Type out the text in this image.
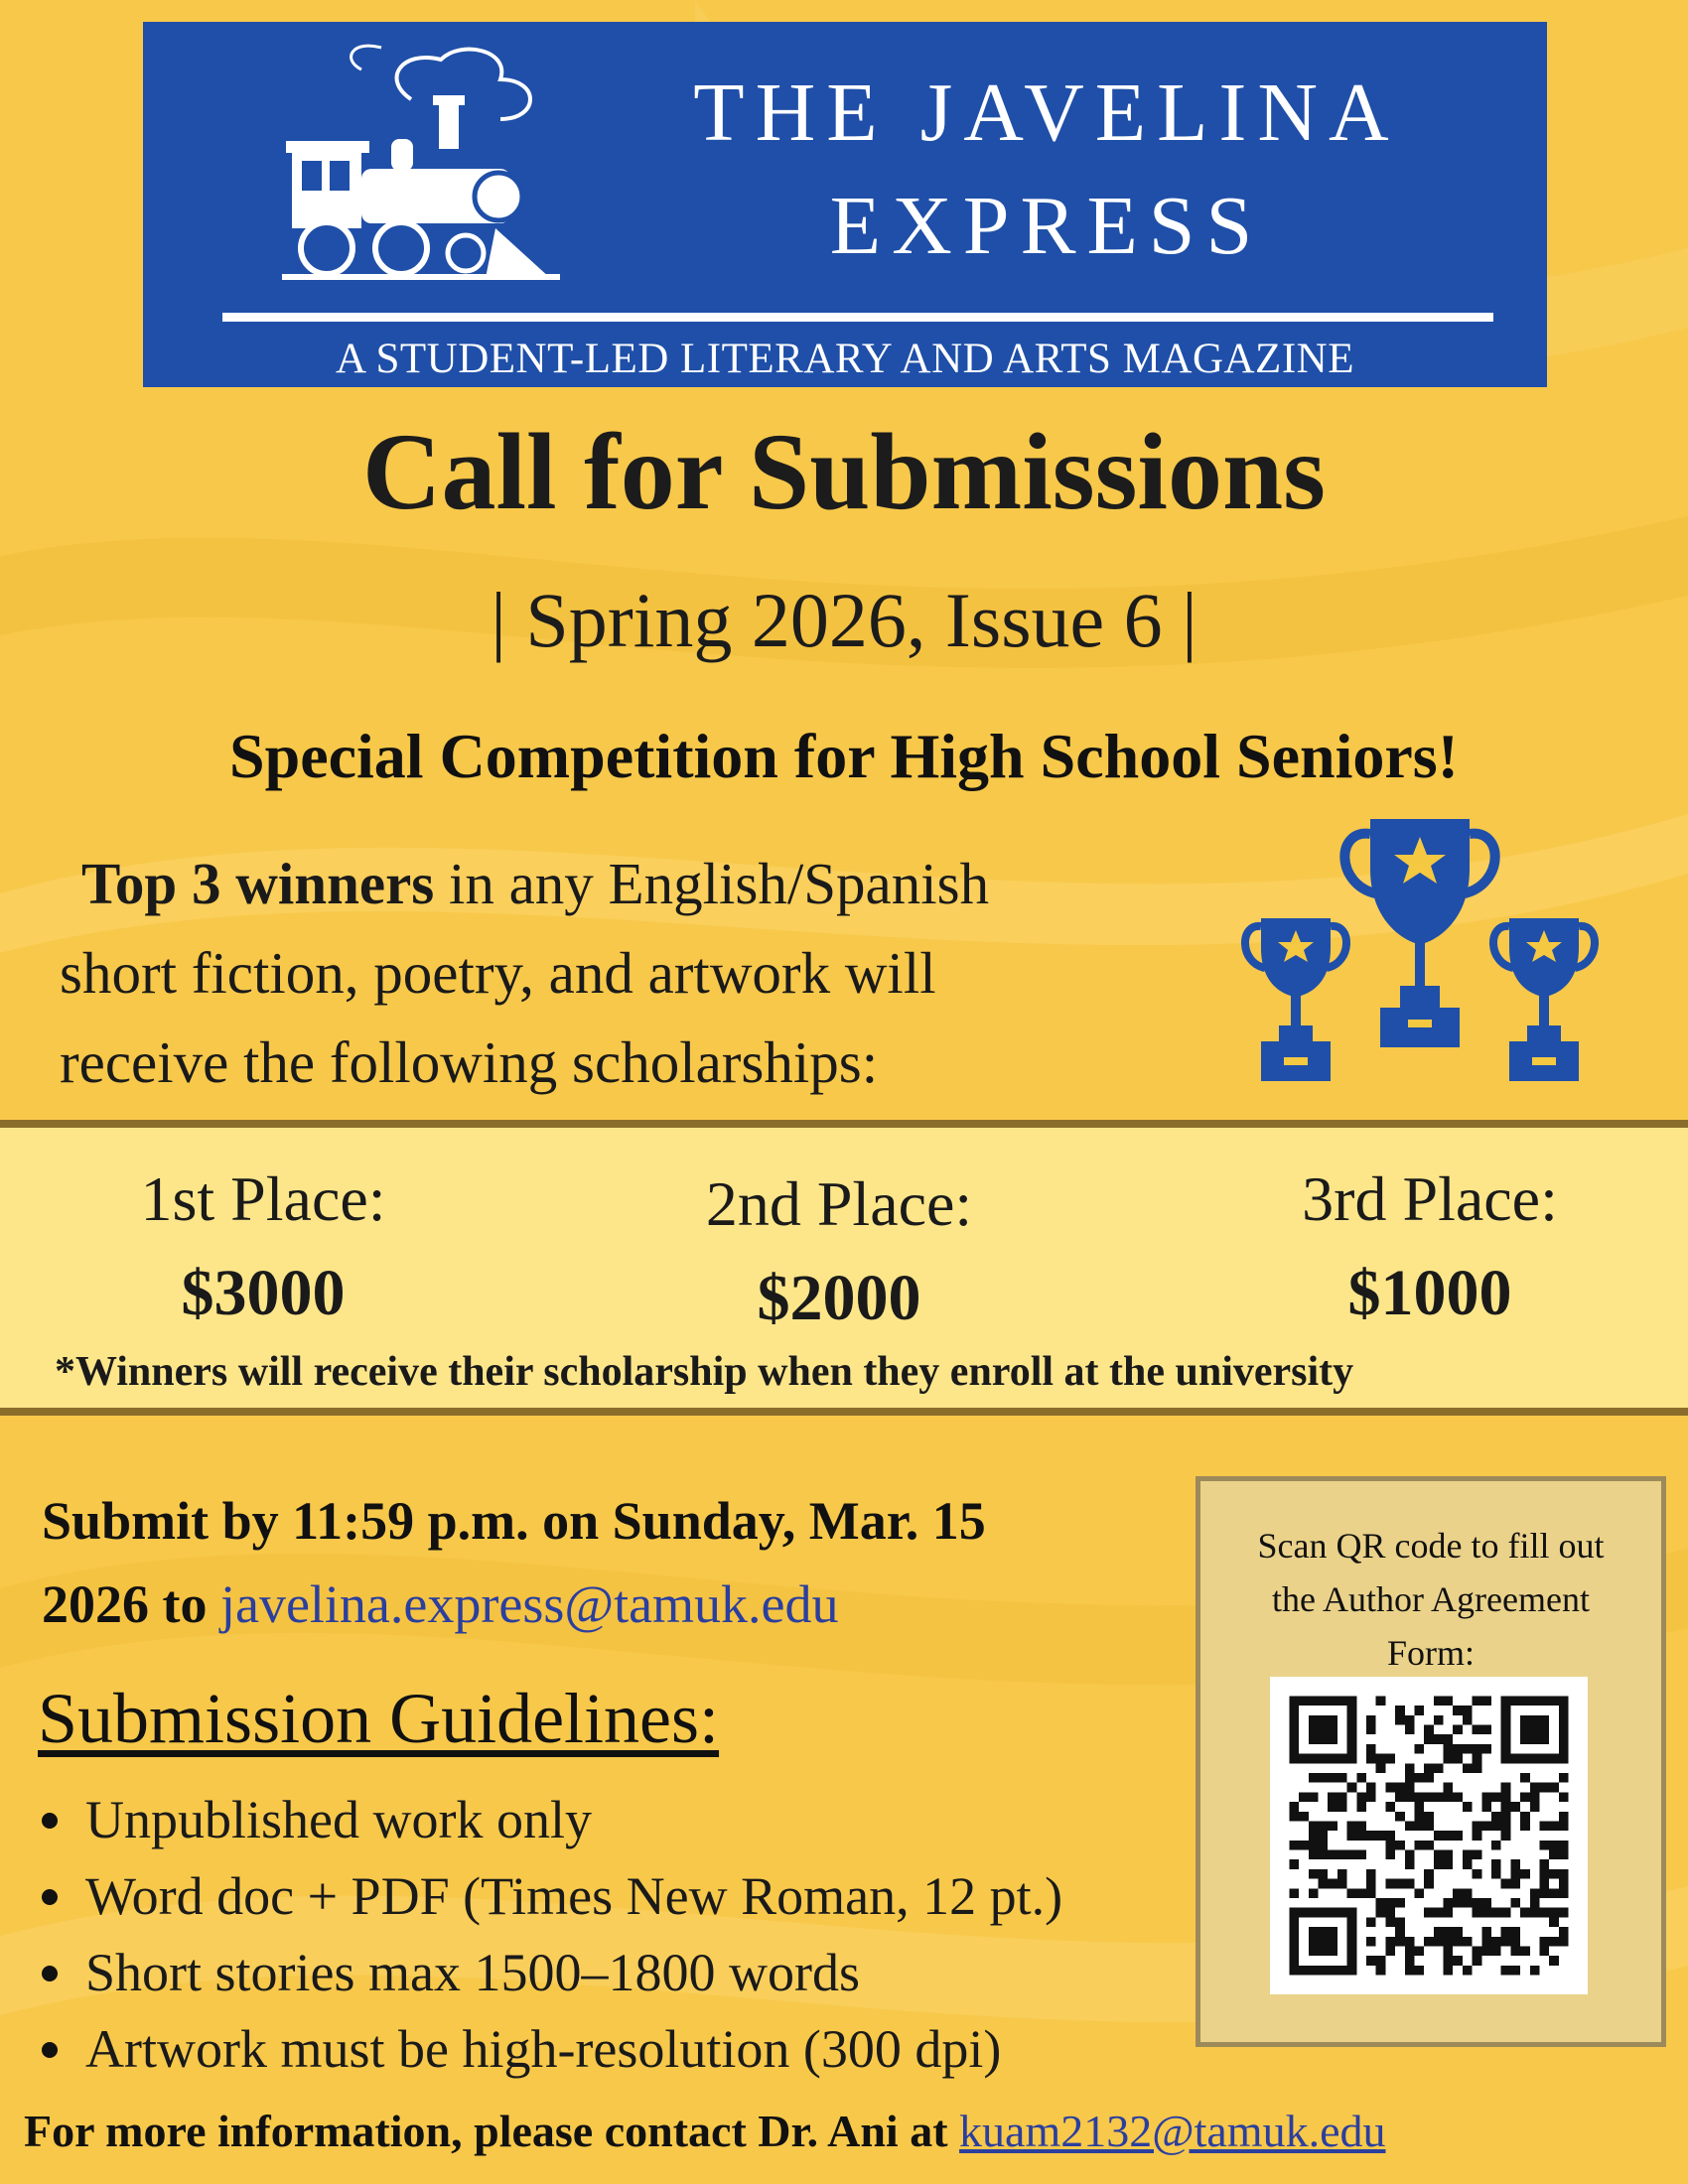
THE JAVELINA
EXPRESS
A STUDENT-LED LITERARY AND ARTS MAGAZINE
Call for Submissions
| Spring 2026, Issue 6 |
Special Competition for High School Seniors!
Top 3 winners in any English/Spanish
short fiction, poetry, and artwork will
receive the following scholarships:
1st Place:
$3000
2nd Place:
$2000
3rd Place:
$1000
*Winners will receive their scholarship when they enroll at the university
Submit by 11:59 p.m. on Sunday, Mar. 15
2026 to javelina.express@tamuk.edu
Submission Guidelines:
Unpublished work only
Word doc + PDF (Times New Roman, 12 pt.)
Short stories max 1500–1800 words
Artwork must be high-resolution (300 dpi)
Scan QR code to fill out
the Author Agreement
Form:
For more information, please contact Dr. Ani at kuam2132@tamuk.edu
